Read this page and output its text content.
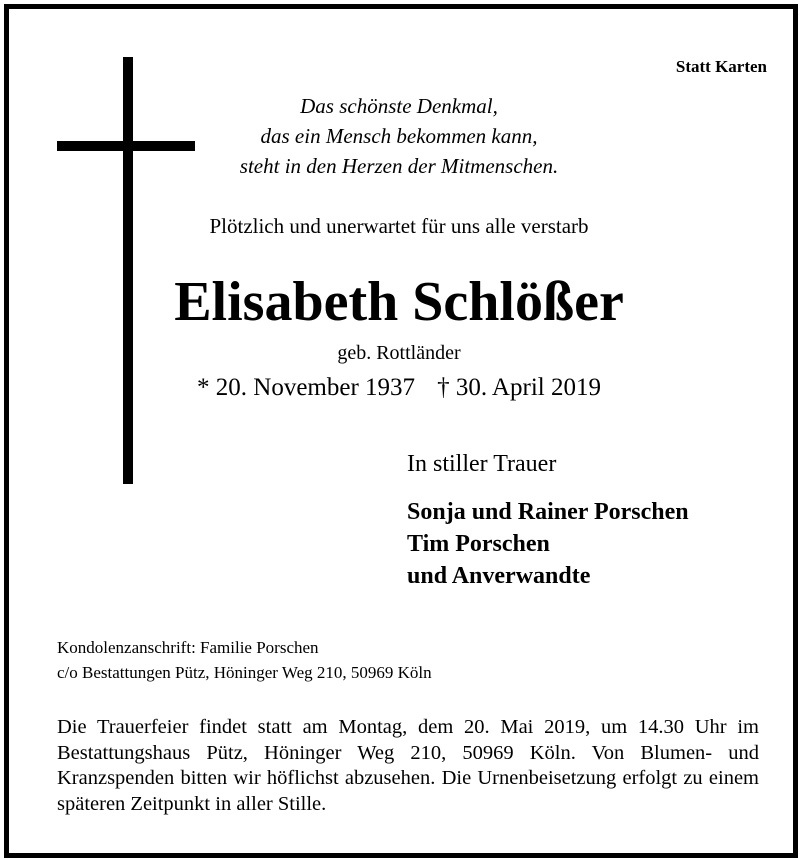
Statt Karten
Das schönste Denkmal,
das ein Mensch bekommen kann,
steht in den Herzen der Mitmenschen.
Plötzlich und unerwartet für uns alle verstarb
Elisabeth Schlößer
geb. Rottländer
* 20. November 1937 † 30. April 2019
In stiller Trauer
Sonja und Rainer Porschen
Tim Porschen
und Anverwandte
Kondolenzanschrift: Familie Porschen
c/o Bestattungen Pütz, Höninger Weg 210, 50969 Köln
Die Trauerfeier findet statt am Montag, dem 20. Mai 2019, um 14.30 Uhr im Bestattungshaus Pütz, Höninger Weg 210, 50969 Köln. Von Blumen- und Kranzspenden bitten wir höflichst abzusehen. Die Urnenbeisetzung erfolgt zu einem späteren Zeitpunkt in aller Stille.
